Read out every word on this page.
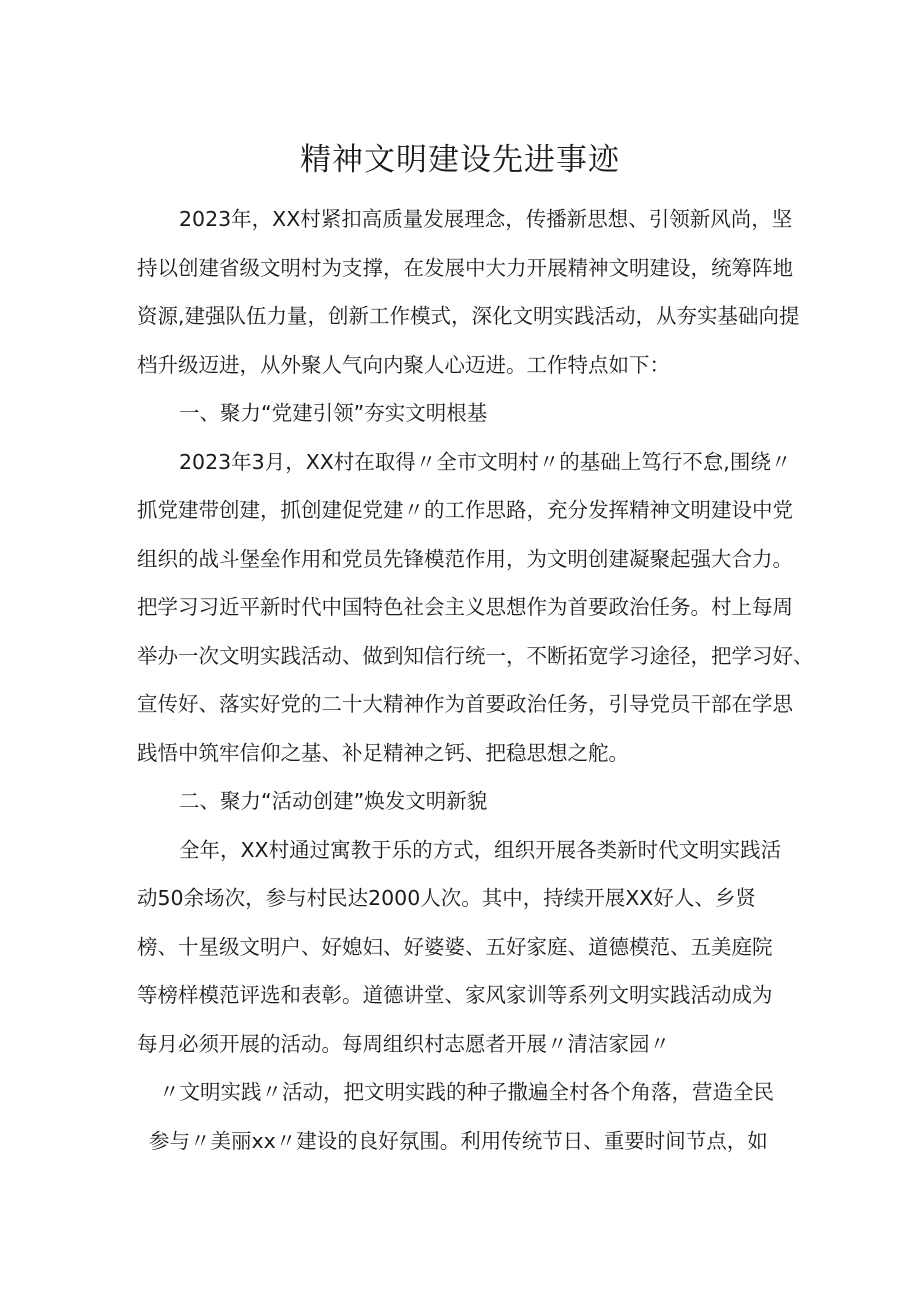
精神文明建设先进事迹
2023年，XX村紧扣高质量发展理念，传播新思想、引领新风尚，坚
持以创建省级文明村为支撑，在发展中大力开展精神文明建设，统筹阵地
资源,建强队伍力量，创新工作模式，深化文明实践活动，从夯实基础向提
档升级迈进，从外聚人气向内聚人心迈进。工作特点如下：
一、聚力“党建引领”夯实文明根基
2023年3月，XX村在取得〃全市文明村〃的基础上笃行不怠,围绕〃
抓党建带创建，抓创建促党建〃的工作思路，充分发挥精神文明建设中党
组织的战斗堡垒作用和党员先锋模范作用，为文明创建凝聚起强大合力。
把学习习近平新时代中国特色社会主义思想作为首要政治任务。村上每周
举办一次文明实践活动、做到知信行统一，不断拓宽学习途径，把学习好、
宣传好、落实好党的二十大精神作为首要政治任务，引导党员干部在学思
践悟中筑牢信仰之基、补足精神之钙、把稳思想之舵。
二、聚力“活动创建”焕发文明新貌
全年，XX村通过寓教于乐的方式，组织开展各类新时代文明实践活
动50余场次，参与村民达2000人次。其中，持续开展XX好人、乡贤
榜、十星级文明户、好媳妇、好婆婆、五好家庭、道德模范、五美庭院
等榜样模范评选和表彰。道德讲堂、家风家训等系列文明实践活动成为
每月必须开展的活动。每周组织村志愿者开展〃清洁家园〃
〃文明实践〃活动，把文明实践的种子撒遍全村各个角落，营造全民
参与〃美丽xx〃建设的良好氛围。利用传统节日、重要时间节点，如
